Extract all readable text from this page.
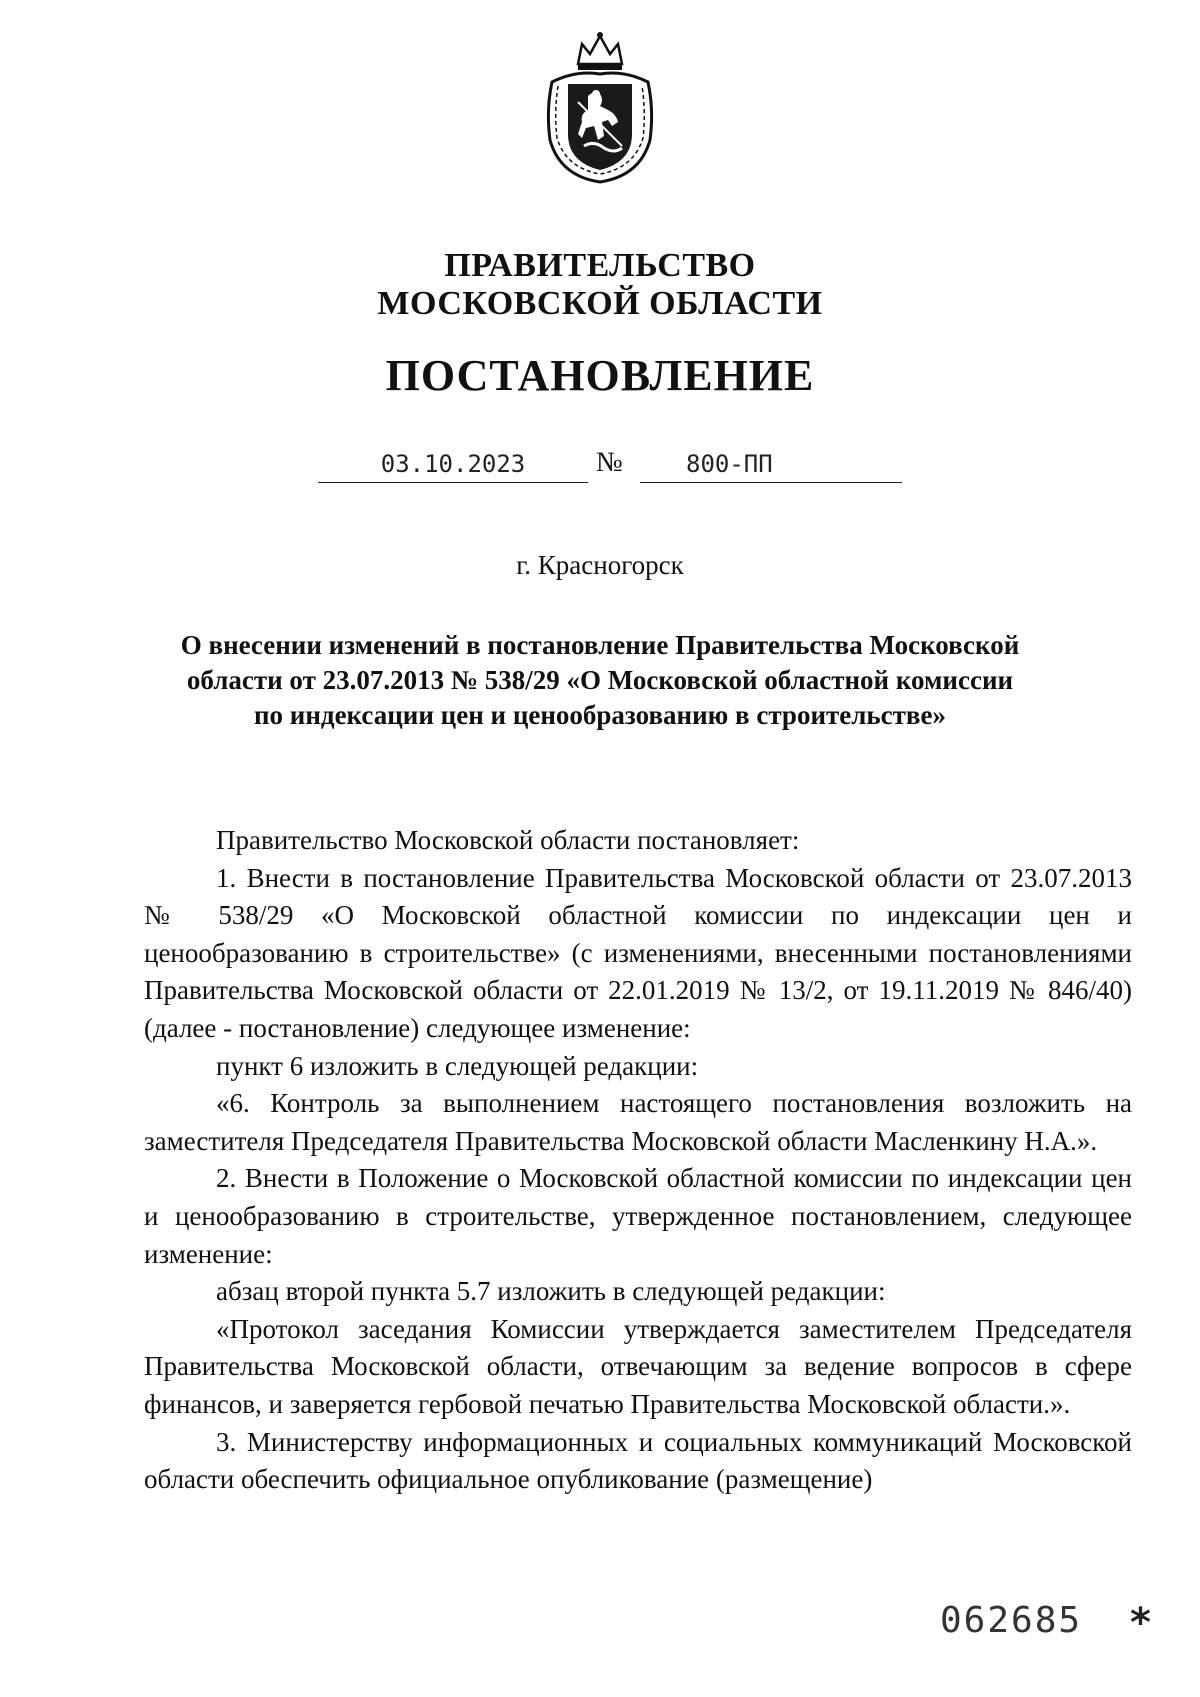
ПРАВИТЕЛЬСТВО
МОСКОВСКОЙ ОБЛАСТИ
ПОСТАНОВЛЕНИЕ
03.10.2023	№	800-ПП
г. Красногорск
О внесении изменений в постановление Правительства Московской
области от 23.07.2013 № 538/29 «О Московской областной комиссии
по индексации цен и ценообразованию в строительстве»

Правительство Московской области постановляет:

1. Внести в постановление Правительства Московской области от 23.07.2013 № 538/29 «О Московской областной комиссии по индексации цен и ценообразованию в строительстве» (с изменениями, внесенными постановлениями Правительства Московской области от 22.01.2019 № 13/2, от 19.11.2019 № 846/40) (далее - постановление) следующее изменение:

пункт 6 изложить в следующей редакции:

«6. Контроль за выполнением настоящего постановления возложить на заместителя Председателя Правительства Московской области Масленкину Н.А.».

2. Внести в Положение о Московской областной комиссии по индексации цен и ценообразованию в строительстве, утвержденное постановлением, следующее изменение:

абзац второй пункта 5.7 изложить в следующей редакции:

«Протокол заседания Комиссии утверждается заместителем Председателя Правительства Московской области, отвечающим за ведение вопросов в сфере финансов, и заверяется гербовой печатью Правительства Московской области.».

3. Министерству информационных и социальных коммуникаций Московской области обеспечить официальное опубликование (размещение)

062685 *
